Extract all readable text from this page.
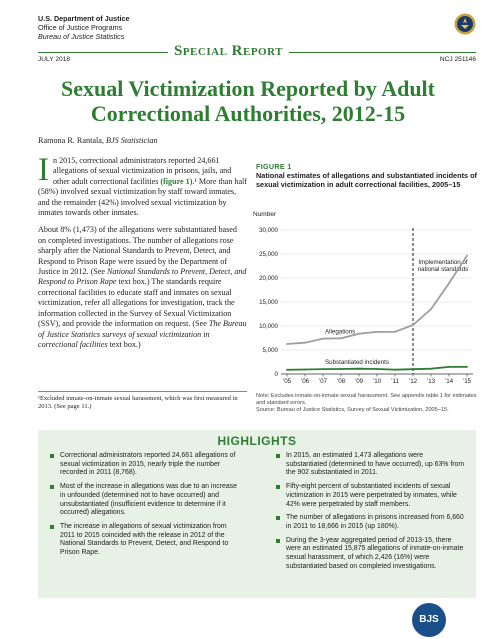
U.S. Department of Justice
Office of Justice Programs
Bureau of Justice Statistics
Special Report
JULY 2018	NCJ 251146
Sexual Victimization Reported by Adult
Correctional Authorities, 2012-15
Ramona R. Rantala, BJS Statistician

In 2015, correctional administrators reported 24,661 allegations of sexual victimization in prisons, jails, and other adult correctional facilities (figure 1).¹ More than half (58%) involved sexual victimization by staff toward inmates, and the remainder (42%) involved sexual victimization by inmates towards other inmates.

About 8% (1,473) of the allegations were substantiated based on completed investigations. The number of allegations rose sharply after the National Standards to Prevent, Detect, and Respond to Prison Rape were issued by the Department of Justice in 2012. (See National Standards to Prevent, Detect, and Respond to Prison Rape text box.) The standards require correctional facilities to educate staff and inmates on sexual victimization, refer all allegations for investigation, track the information collected in the Survey of Sexual Victimization (SSV), and provide the information on request. (See The Bureau of Justice Statistics surveys of sexual victimization in correctional facilities text box.)

¹Excluded inmate-on-inmate sexual harassment, which was first measured in 2013. (See page 11.)
FIGURE 1
National estimates of allegations and substantiated incidents of sexual victimization in adult correctional facilities, 2005–15
Number
0
5,000
10,000
15,000
20,000
25,000
30,000
’05 ’06 ’07 ’08 ’09 ’10 ’11 ’12 ’13 ’14 ’15
Implementation of
national standards
Allegations
Substantiated incidents
Note: Excludes inmate-on-inmate sexual harassment. See appendix table 1 for estimates and standard errors.
Source: Bureau of Justice Statistics, Survey of Sexual Victimization, 2005–15.
HIGHLIGHTS
Correctional administrators reported 24,661 allegations of sexual victimization in 2015, nearly triple the number recorded in 2011 (8,768).
Most of the increase in allegations was due to an increase in unfounded (determined not to have occurred) and unsubstantiated (insufficient evidence to determine if it occurred) allegations.
The increase in allegations of sexual victimization from 2011 to 2015 coincided with the release in 2012 of the National Standards to Prevent, Detect, and Respond to Prison Rape.
In 2015, an estimated 1,473 allegations were substantiated (determined to have occurred), up 63% from the 902 substantiated in 2011.
Fifty-eight percent of substantiated incidents of sexual victimization in 2015 were perpetrated by inmates, while 42% were perpetrated by staff members.
The number of allegations in prisons increased from 6,660 in 2011 to 18,666 in 2015 (up 180%).
During the 3-year aggregated period of 2013-15, there were an estimated 15,875 allegations of inmate-on-inmate sexual harassment, of which 2,426 (16%) were substantiated based on completed investigations.
BJS
